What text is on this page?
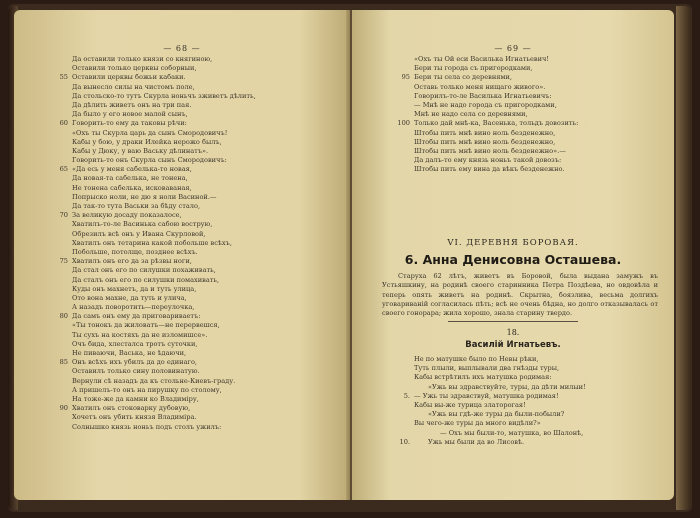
— 68 —
Да оставили только князи со княгиною,
Оставили только церквы соборныи,
55 Оставили церквы божьи кабаки.
Да вынесло силы на чистомъ поле,
Да стольско-то тутъ Скурла ноньчъ зживетъ дѣлить,
Да дѣлить живетъ онъ на три пая.
Да было у его новое малой сынъ,
60 Говорить-то ему да таковы рѣчи:
«Охъ ты Скурла царь да сынъ Смородовичъ!
Кабы у бою, у драки Илейка нерожо былъ,
Кабы у Дюку, у ваю Ваську дѣлинатъ».
Говорить-то онъ Скурла сынъ Смородовичъ:
65 «Да есь у меня сабелька-то новая,
Да новая-та сабелька, не тонена,
Не тонена сабелька, исковаваная,
Попрыско ноли, не дю я ноли Васиной.—
Да так-то тута Васьки за бѣду стало,
70 За великую досаду показалосе,
Хватилъ-то-ле Васинька сабою вострую,
Обрезилъ всѣ онъ у Ивана Скурловой,
Хватилъ онъ тетарина какой побольше всѣхъ,
Побольше, потолще, позднее всѣхъ.
75 Хватилъ онъ его да за рѣзвы ноги,
Да стал онъ его по силушки похаживать,
Да сталъ онъ его по силушки помахивать,
Куды онъ махнетъ, да и туть улица,
Ото вона махне, да туть и улича,
А назадъ поворотить—переулочка,
80 Да самъ онъ ему да приговариваетъ:
«Ты тонокъ да жиловатъ—не перервешся,
Ты сухъ на костяхъ да не изломишсе».
Очъ бида, хлесталса тротъ суточки,
Не пиваючи, Васька, не ѣдаючи,
85 Онъ всѣхъ ихъ убилъ да до единаго,
Оставилъ только сину половинатую.
Вернули сѣ назадъ да къ стольне-Киевъ-граду.
А пришелъ-то онъ на пирушку по столому,
На тоже-же да камни ко Владиміру,
90 Хватилъ онъ стоковарку дубовую,
Хочетъ онъ убить князя Владиміра.
Солнышко князь ноньъ подъ столъ ужилъ:
— 69 —
«Охъ ты Ой еси Василька Игнатьевич!
Бери ты города съ пригородками,
95 Бери ты села со деревнями,
Оставь только меня нищаго живого».
Говорилъ-то-ле Василька Игнатьевичъ:
— Мнѣ не надо города съ пригородками,
Мнѣ не надо села со деревнями,
100 Только дай мнѣ-ка, Васенька, тольдъ довозить:
Штобы пить мнѣ вино ноль безденежно,
Штобы пить мнѣ вино ноль безденежно,
Штобы пить мнѣ вино ноль безденежно».—
Да далъ-то ему князь ноньъ такой довозъ:
Штобы пить ему вина да вѣкъ безденежно.
VI. ДЕРЕВНЯ БОРОВАЯ.
6. Анна Денисовна Осташева.

Старуха 62 лѣтъ, живетъ въ Боровой, была выдана замужъ въ Устьяшкину, на родинѣ своего старинника Петра Поздѣева, но овдовѣла и теперь опять живетъ на родинѣ. Скрытна, боязлива, весьма долгихъ уговариваній согласилась пѣть; всѣ не очень бѣдна, но долго отказывалась от своего гонорара; жила хорошо, знала старину твердо.

18.
Василій Игнатьевъ.
Не по матушке было по Невы рѣки,
Туть плыли, выплывали два гнѣзды туры,
Кабы встрѣтилъ ихъ матушка родимая:
«Ужь вы здравствуйте, туры, да дѣти милыи!
5. — Ужь ты здравствуй, матушка родимая!
Кабы вы-же турица златорогая!
«Ужь вы гдѣ-же туры да были-побыли?
Вы чего-же туры да много видѣли?»
— Охъ мы были-то, матушка, во Шалонѣ,
10.	Ужь мы были да во Лисовѣ.
